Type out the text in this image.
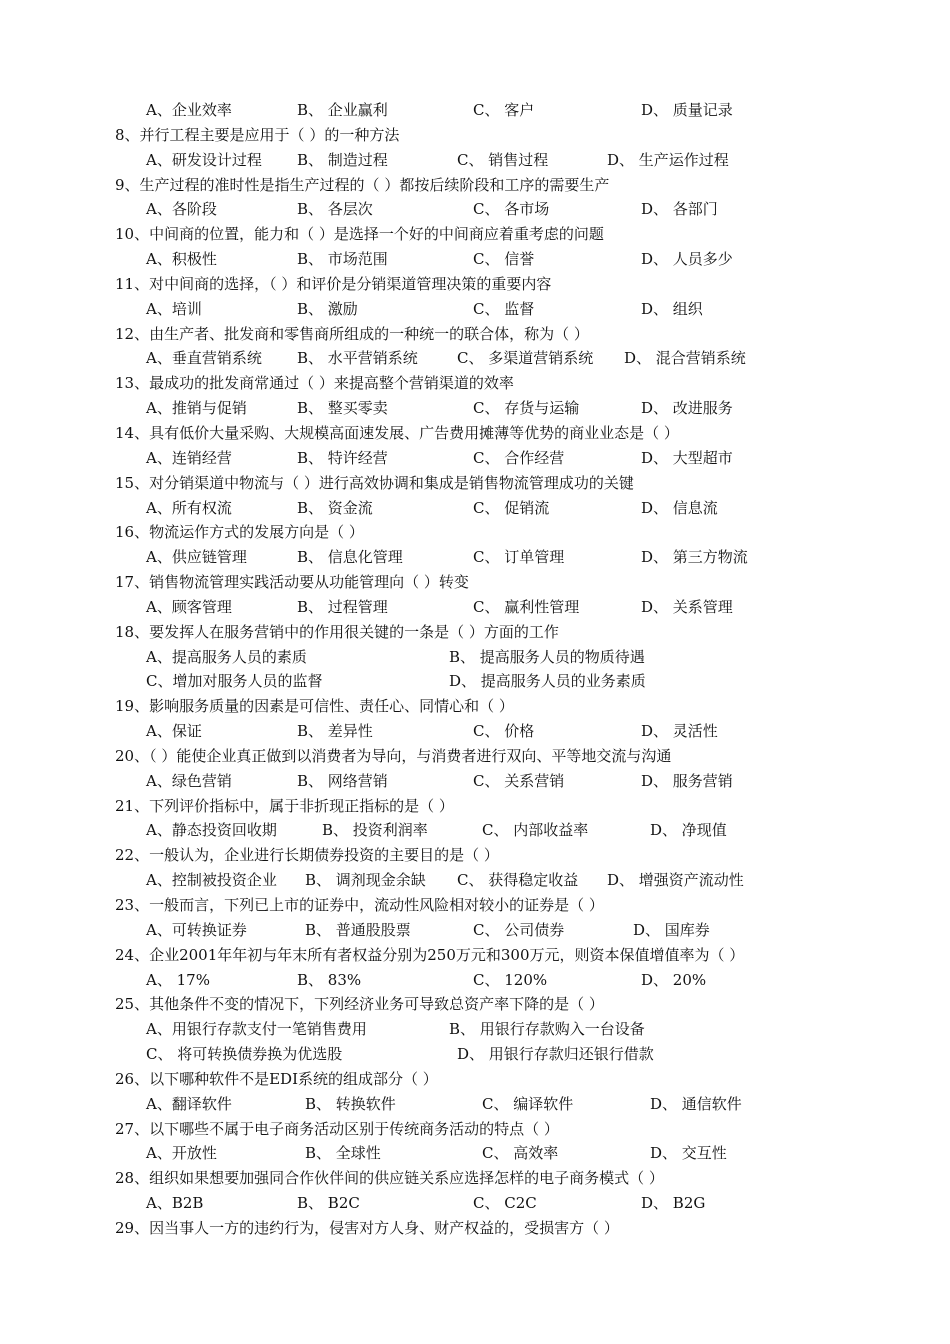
A、企业效率	B、 企业赢利	C、 客户	D、 质量记录
8、并行工程主要是应用于（ ）的一种方法
A、研发设计过程 B、 制造过程	C、 销售过程	D、 生产运作过程
9、生产过程的准时性是指生产过程的（ ）都按后续阶段和工序的需要生产
A、各阶段	B、 各层次	C、 各市场	D、 各部门
10、中间商的位置，能力和（ ）是选择一个好的中间商应着重考虑的问题
A、积极性	B、 市场范围	C、 信誉	D、 人员多少
11、对中间商的选择，（ ）和评价是分销渠道管理决策的重要内容
A、培训	B、 激励	C、 监督	D、 组织
12、由生产者、批发商和零售商所组成的一种统一的联合体，称为（ ）
A、垂直营销系统 B、 水平营销系统	C、 多渠道营销系统 D、 混合营销系统
13、最成功的批发商常通过（ ）来提高整个营销渠道的效率
A、推销与促销	B、 整买零卖	C、 存货与运输	D、 改进服务
14、具有低价大量采购、大规模高面速发展、广告费用摊薄等优势的商业业态是（ ）
A、连销经营	B、 特许经营	C、 合作经营	D、 大型超市
15、对分销渠道中物流与（ ）进行高效协调和集成是销售物流管理成功的关键
A、所有权流	B、 资金流	C、 促销流	D、 信息流
16、物流运作方式的发展方向是（ ）
A、供应链管理	B、 信息化管理	C、 订单管理	D、 第三方物流
17、销售物流管理实践活动要从功能管理向（ ）转变
A、顾客管理	B、 过程管理	C、 赢利性管理	D、 关系管理
18、要发挥人在服务营销中的作用很关键的一条是（ ）方面的工作
A、提高服务人员的素质	B、 提高服务人员的物质待遇
C、增加对服务人员的监督	D、 提高服务人员的业务素质
19、影响服务质量的因素是可信性、责任心、同情心和（ ）
A、保证	B、 差异性	C、 价格	D、 灵活性
20、（ ）能使企业真正做到以消费者为导向，与消费者进行双向、平等地交流与沟通
A、绿色营销	B、 网络营销	C、 关系营销	D、 服务营销
21、下列评价指标中，属于非折现正指标的是（ ）
A、静态投资回收期	B、 投资利润率	C、 内部收益率	D、 净现值
22、一般认为，企业进行长期债券投资的主要目的是（ ）
A、控制被投资企业 B、 调剂现金余缺 C、 获得稳定收益 D、 增强资产流动性
23、一般而言，下列已上市的证券中，流动性风险相对较小的证券是（ ）
A、可转换证券	B、 普通股股票	C、 公司债券	D、 国库券
24、企业2001年年初与年末所有者权益分别为250万元和300万元，则资本保值增值率为（ ）
A、 17%	B、 83%	C、 120%	D、 20%
25、其他条件不变的情况下，下列经济业务可导致总资产率下降的是（ ）
A、用银行存款支付一笔销售费用	B、 用银行存款购入一台设备
C、 将可转换债券换为优选股	D、 用银行存款归还银行借款
26、以下哪种软件不是EDI系统的组成部分（ ）
A、翻译软件	B、 转换软件	C、 编译软件	D、 通信软件
27、以下哪些不属于电子商务活动区别于传统商务活动的特点（ ）
A、开放性	B、 全球性	C、 高效率	D、 交互性
28、组织如果想要加强同合作伙伴间的供应链关系应选择怎样的电子商务模式（ ）
A、B2B	B、 B2C	C、 C2C	D、 B2G
29、因当事人一方的违约行为，侵害对方人身、财产权益的，受损害方（ ）
